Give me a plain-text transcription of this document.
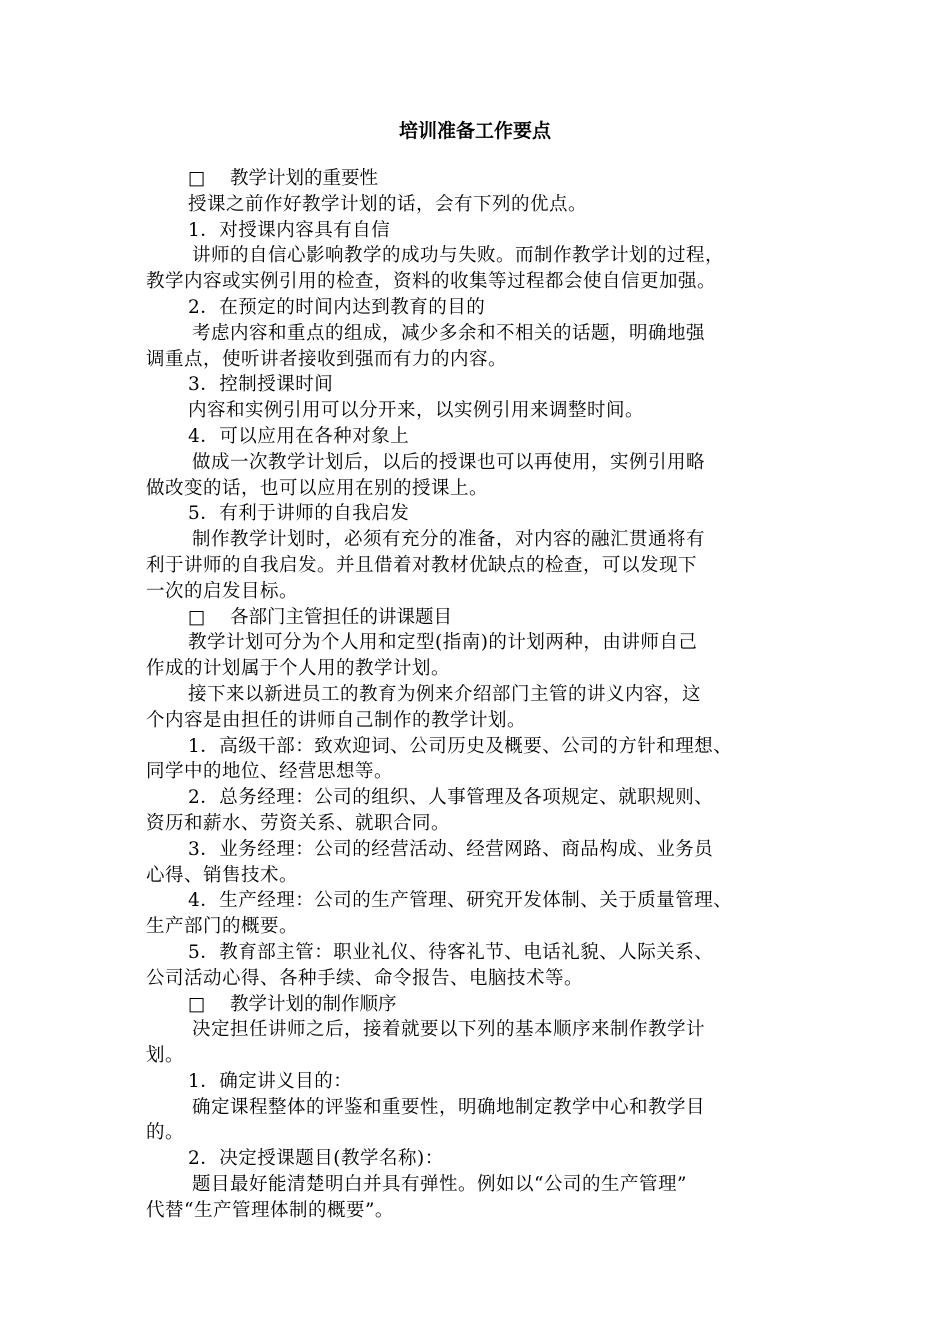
培训准备工作要点

□ 教学计划的重要性

授课之前作好教学计划的话，会有下列的优点。

1．对授课内容具有自信

讲师的自信心影响教学的成功与失败。而制作教学计划的过程，

教学内容或实例引用的检查，资料的收集等过程都会使自信更加强。

2．在预定的时间内达到教育的目的

考虑内容和重点的组成，减少多余和不相关的话题，明确地强

调重点，使听讲者接收到强而有力的内容。

3．控制授课时间

内容和实例引用可以分开来，以实例引用来调整时间。

4．可以应用在各种对象上

做成一次教学计划后，以后的授课也可以再使用，实例引用略

做改变的话，也可以应用在别的授课上。

5．有利于讲师的自我启发

制作教学计划时，必须有充分的准备，对内容的融汇贯通将有

利于讲师的自我启发。并且借着对教材优缺点的检查，可以发现下

一次的启发目标。

□ 各部门主管担任的讲课题目

教学计划可分为个人用和定型(指南)的计划两种，由讲师自己

作成的计划属于个人用的教学计划。

接下来以新进员工的教育为例来介绍部门主管的讲义内容，这

个内容是由担任的讲师自己制作的教学计划。

1．高级干部：致欢迎词、公司历史及概要、公司的方针和理想、

同学中的地位、经营思想等。

2．总务经理：公司的组织、人事管理及各项规定、就职规则、

资历和薪水、劳资关系、就职合同。

3．业务经理：公司的经营活动、经营网路、商品构成、业务员

心得、销售技术。

4．生产经理：公司的生产管理、研究开发体制、关于质量管理、

生产部门的概要。

5．教育部主管：职业礼仪、待客礼节、电话礼貌、人际关系、

公司活动心得、各种手续、命令报告、电脑技术等。

□ 教学计划的制作顺序

决定担任讲师之后，接着就要以下列的基本顺序来制作教学计

划。

1．确定讲义目的：

确定课程整体的评鉴和重要性，明确地制定教学中心和教学目

的。

2．决定授课题目(教学名称)：

题目最好能清楚明白并具有弹性。例如以“公司的生产管理”

代替“生产管理体制的概要”。
